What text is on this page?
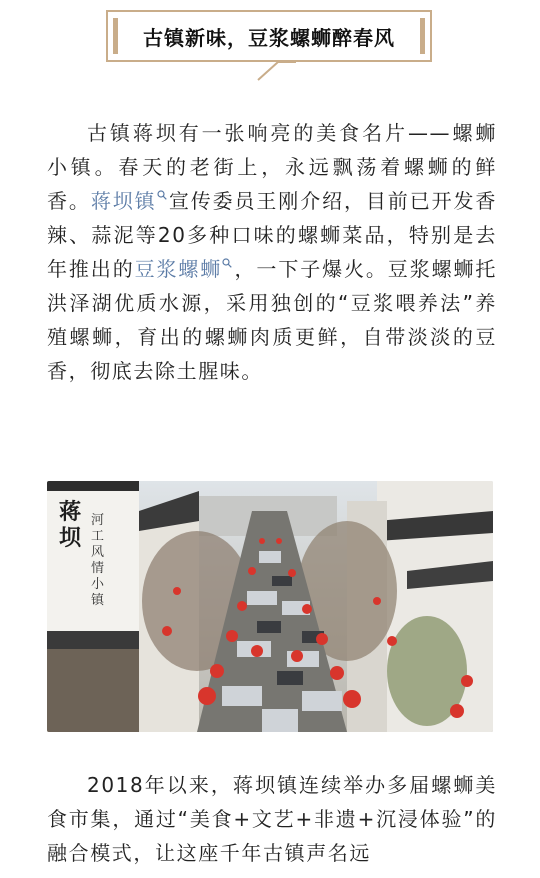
古镇新味，豆浆螺蛳醉春风

古镇蒋坝有一张响亮的美食名片——螺蛳小镇。春天的老街上，永远飘荡着螺蛳的鲜香。蒋坝镇 宣传委员王刚介绍，目前已开发香辣、蒜泥等20多种口味的螺蛳菜品，特别是去年推出的豆浆螺蛳 ，一下子爆火。豆浆螺蛳托洪泽湖优质水源，采用独创的“豆浆喂养法”养殖螺蛳，育出的螺蛳肉质更鲜，自带淡淡的豆香，彻底去除土腥味。

蒋坝
河工风情小镇

2018年以来，蒋坝镇连续举办多届螺蛳美食市集，通过“美食+文艺+非遗+沉浸体验”的融合模式，让这座千年古镇声名远
